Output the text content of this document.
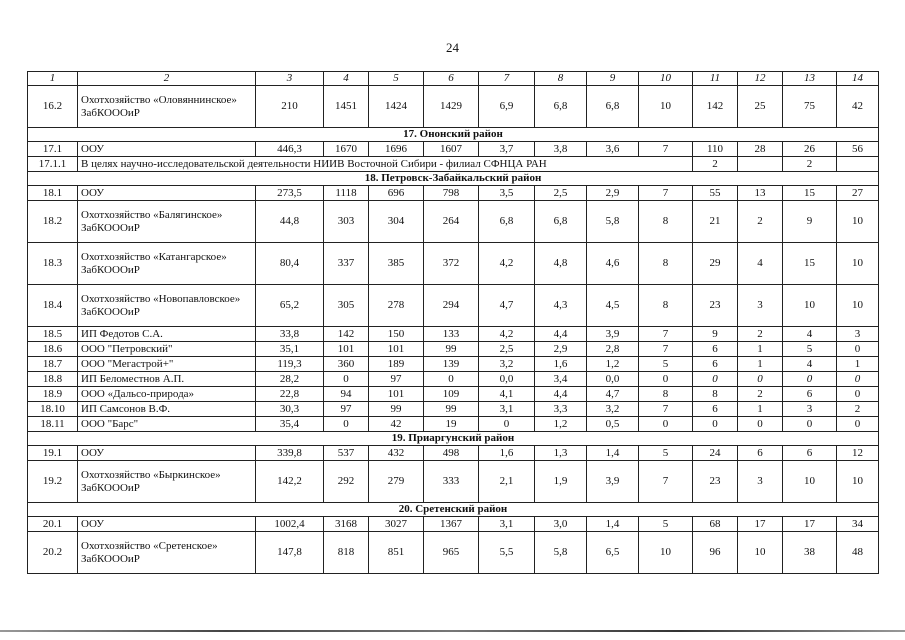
24
1	2	3	4	5	6	7	8	9	10	11	12	13	14
16.2	Охотхозяйство «Оловяннинское» ЗабКОООиР	210	1451	1424	1429	6,9	6,8	6,8	10	142	25	75	42
17. Ононский район													
17.1	ООУ	446,3	1670	1696	1607	3,7	3,8	3,6	7	110	28	26	56
17.1.1	В целях научно-исследовательской деятельности НИИВ Восточной Сибири - филиал СФНЦА РАН									2		2	
18. Петровск-Забайкальский район													
18.1	ООУ	273,5	1118	696	798	3,5	2,5	2,9	7	55	13	15	27
18.2	Охотхозяйство «Балягинское» ЗабКОООиР	44,8	303	304	264	6,8	6,8	5,8	8	21	2	9	10
18.3	Охотхозяйство «Катангарское» ЗабКОООиР	80,4	337	385	372	4,2	4,8	4,6	8	29	4	15	10
18.4	Охотхозяйство «Новопавловское» ЗабКОООиР	65,2	305	278	294	4,7	4,3	4,5	8	23	3	10	10
18.5	ИП Федотов С.А.	33,8	142	150	133	4,2	4,4	3,9	7	9	2	4	3
18.6	ООО "Петровский"	35,1	101	101	99	2,5	2,9	2,8	7	6	1	5	0
18.7	ООО "Мегастрой+"	119,3	360	189	139	3,2	1,6	1,2	5	6	1	4	1
18.8	ИП Беломестнов А.П.	28,2	0	97	0	0,0	3,4	0,0	0	0	0	0	0
18.9	ООО «Дальсо-природа»	22,8	94	101	109	4,1	4,4	4,7	8	8	2	6	0
18.10	ИП Самсонов В.Ф.	30,3	97	99	99	3,1	3,3	3,2	7	6	1	3	2
18.11	ООО "Барс"	35,4	0	42	19	0	1,2	0,5	0	0	0	0	0
19. Приаргунский район													
19.1	ООУ	339,8	537	432	498	1,6	1,3	1,4	5	24	6	6	12
19.2	Охотхозяйство «Быркинское» ЗабКОООиР	142,2	292	279	333	2,1	1,9	3,9	7	23	3	10	10
20. Сретенский район													
20.1	ООУ	1002,4	3168	3027	1367	3,1	3,0	1,4	5	68	17	17	34
20.2	Охотхозяйство «Сретенское» ЗабКОООиР	147,8	818	851	965	5,5	5,8	6,5	10	96	10	38	48
